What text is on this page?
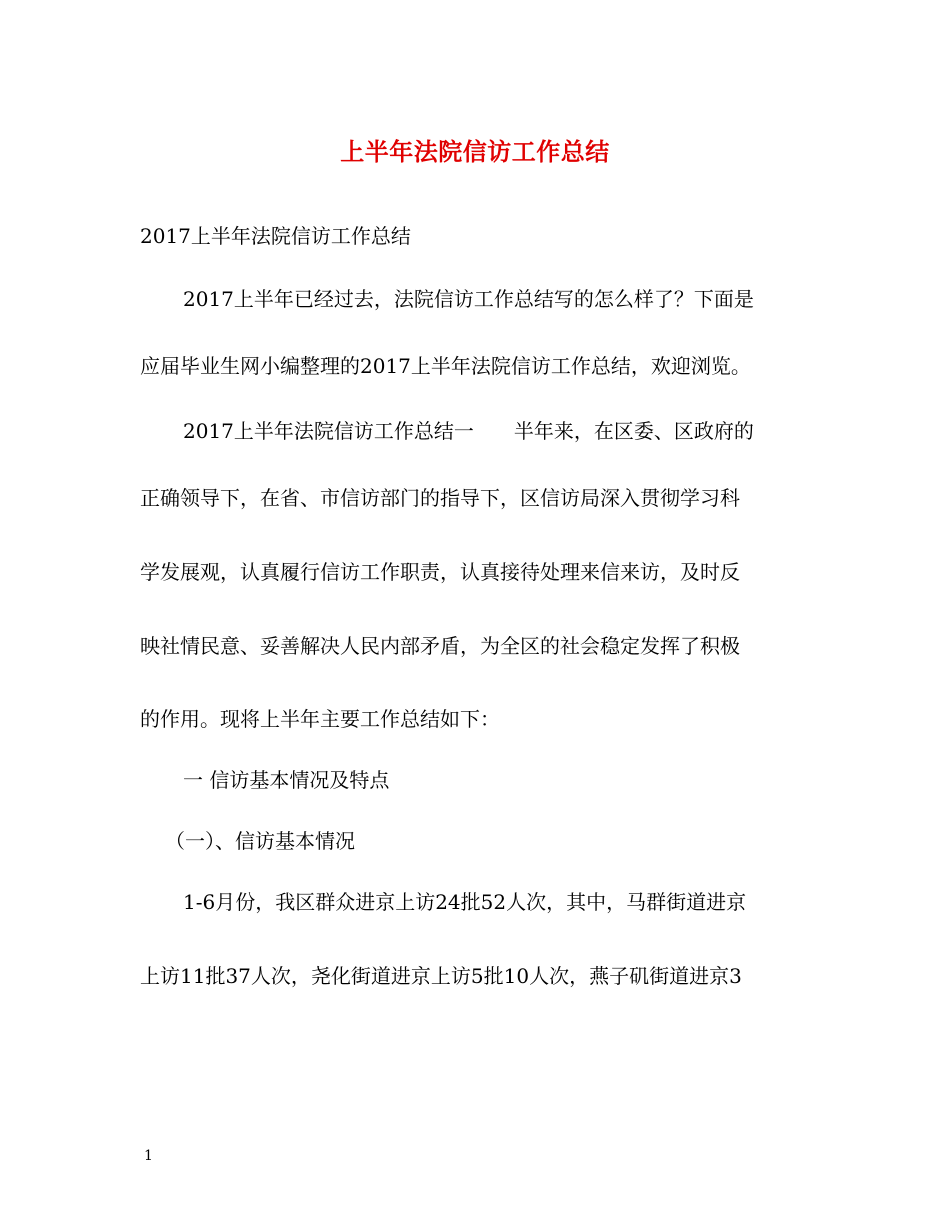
上半年法院信访工作总结
2017上半年法院信访工作总结
2017上半年已经过去，法院信访工作总结写的怎么样了？下面是
应届毕业生网小编整理的2017上半年法院信访工作总结，欢迎浏览。
2017上半年法院信访工作总结一　　半年来，在区委、区政府的
正确领导下，在省、市信访部门的指导下，区信访局深入贯彻学习科
学发展观，认真履行信访工作职责，认真接待处理来信来访，及时反
映社情民意、妥善解决人民内部矛盾，为全区的社会稳定发挥了积极
的作用。现将上半年主要工作总结如下：
一 信访基本情况及特点
（一）、信访基本情况
1-6月份，我区群众进京上访24批52人次，其中，马群街道进京
上访11批37人次，尧化街道进京上访5批10人次，燕子矶街道进京3
1
